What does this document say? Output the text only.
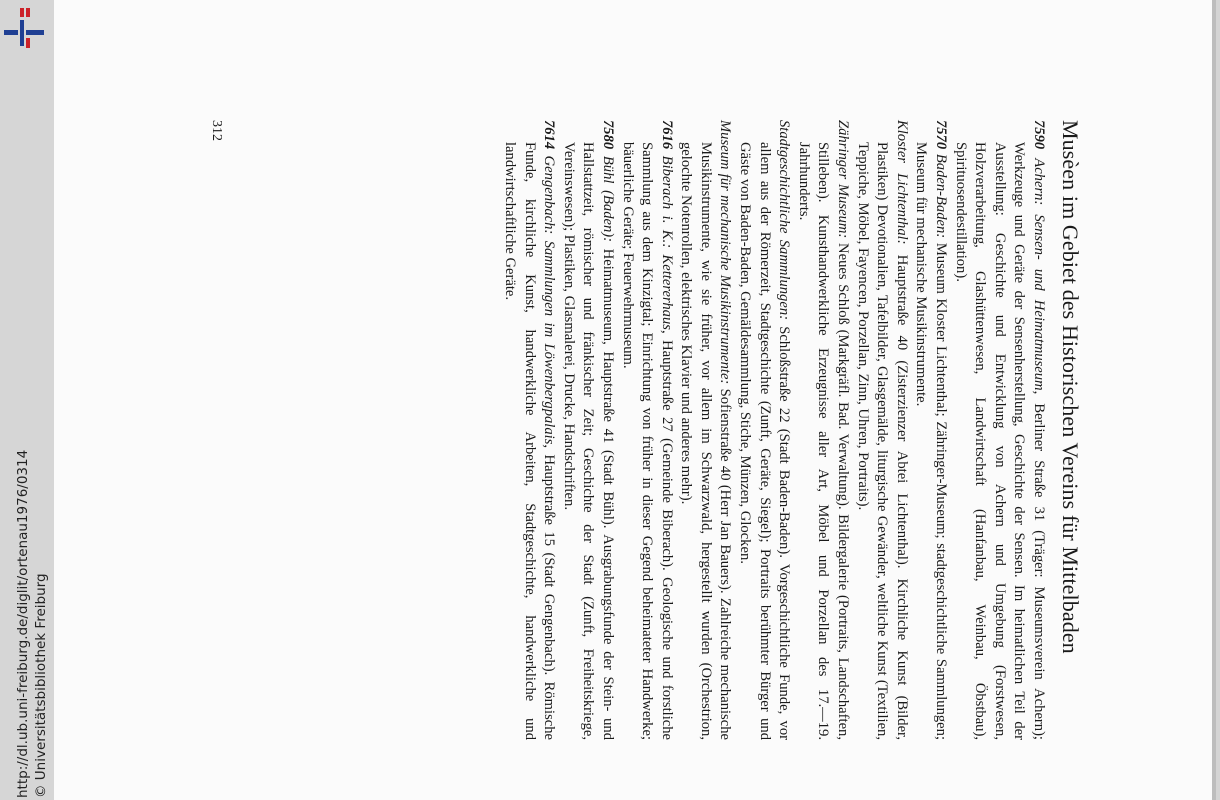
http://dl.ub.uni-freiburg.de/diglit/ortenau1976/0314 © Universitätsbibliothek Freiburg
Musèen im Gebiet des Historischen Vereins für Mittelbaden

7590 Achern: Sensen- und Heimatmuseum, Berliner Straße 31 (Träger: Museumsverein Achern); Werkzeuge und Geräte der Sensenherstellung, Geschichte der Sensen. Im heimatlichen Teil der Ausstellung: Geschichte und Entwicklung von Achern und Umgebung (Forstwesen, Holzverarbeitung, Glashüttenwesen, Landwirtschaft (Hanfanbau, Weinbau, Öbstbau), Spirituosendestillation).

7570 Baden-Baden: Museum Kloster Lichtenthal; Zähringer-Museum; stadtgeschichtliche Sammlungen; Museum für mechanische Musikinstrumente.

Kloster Lichtenthal: Hauptstraße 40 (Zisterzienzer Abtei Lichtenthal). Kirchliche Kunst (Bilder, Plastiken) Devotionalien, Tafelbilder, Glasgemälde, liturgische Gewänder, weltliche Kunst (Textilien, Teppiche, Möbel, Fayencen, Porzellan, Zinn, Uhren, Portraits).

Zähringer Museum: Neues Schloß (Markgräfl. Bad. Verwaltung). Bildergalerie (Portraits, Landschaften, Stilleben). Kunsthandwerkliche Erzeugnisse aller Art, Möbel und Porzellan des 17.—19. Jahrhunderts.

Stadtgeschichtliche Sammlungen: Schloßstraße 22 (Stadt Baden-Baden). Vorgeschichtliche Funde, vor allem aus der Römerzeit, Stadtgeschichte (Zunft, Geräte, Siegel); Portraits berühmter Bürger und Gäste von Baden-Baden, Gemäldesammlung, Stiche, Münzen, Glocken.

Museum für mechanische Musikinstrumente: Sofienstraße 40 (Herr Jan Bauers). Zahlreiche mechanische Musikinstrumente, wie sie früher, vor allem im Schwarzwald, hergestellt wurden (Orchestrion, gelochte Notenrollen, elektrisches Klavier und anderes mehr).

7616 Biberach i. K.: Kettererhaus, Hauptstraße 27 (Gemeinde Biberach). Geologische und forstliche Sammlung aus dem Kinzigtal; Einrichtung von früher in dieser Gegend beheimateter Handwerke; bäuerliche Geräte; Feuerwehrmuseum.

7580 Bühl (Baden): Heimatmuseum, Hauptstraße 41 (Stadt Bühl). Ausgrabungsfunde der Stein- und Hallstattzeit, römischer und fränkischer Zeit; Geschichte der Stadt (Zunft, Freiheitskriege, Vereinswesen); Plastiken, Glasmalerei, Drucke, Handschriften.

7614 Gengenbach: Sammlungen im Löwenbergpalais, Hauptstraße 15 (Stadt Gengenbach). Römische Funde, kirchliche Kunst, handwerkliche Arbeiten, Stadtgeschichte, handwerkliche und landwirtschaftliche Geräte.

312
